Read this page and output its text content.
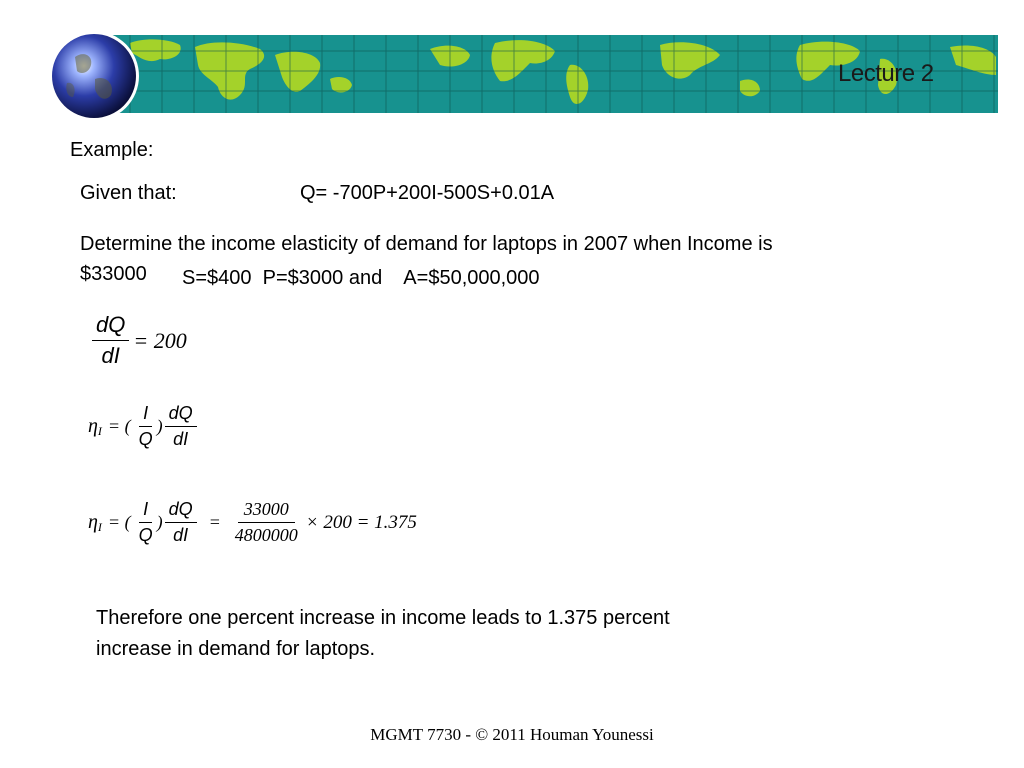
Lecture 2
Example:
Given that:	Q= -700P+200I-500S+0.01A
Determine the income elasticity of demand for laptops in 2007 when Income is
$33000 S=$400  P=$3000 and    A=$50,000,000
$\frac{dQ}{dI} = 200$
η I = ( $\frac{I}{Q}$ ) $\frac{dQ}{dI}$
η I = ( $\frac{I}{Q}$ ) $\frac{dQ}{dI} = \frac{33000}{4800000} \times 200 = 1.375$
Therefore one percent increase in income leads to 1.375 percent
increase in demand for laptops.
MGMT 7730 - © 2011 Houman Younessi
